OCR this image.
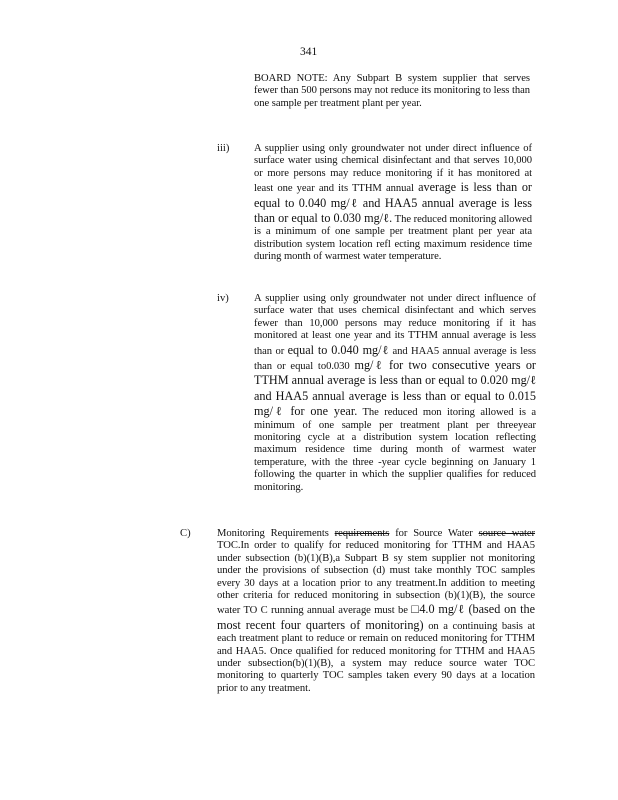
341
BOARD NOTE: Any Subpart B system supplier that serves fewer than 500 persons may not reduce its monitoring to less than one sample per treatment plant per year.
iii) A supplier using only groundwater not under direct influence of surface water using chemical disinfectant and that serves 10,000 or more persons may reduce monitoring if it has monitored at least one year and its TTHM annual average is less than or equal to 0.040 mg/ℓ and HAA5 annual average is less than or equal to 0.030 mg/ℓ. The reduced monitoring allowed is a minimum of one sample per treatment plant per year ata distribution system location refl ecting maximum residence time during month of warmest water temperature.
iv) A supplier using only groundwater not under direct influence of surface water that uses chemical disinfectant and which serves fewer than 10,000 persons may reduce monitoring if it has monitored at least one year and its TTHM annual average is less than or equal to 0.040 mg/ℓ and HAA5 annual average is less than or equal to0.030 mg/ℓ for two consecutive years or TTHM annual average is less than or equal to 0.020 mg/ℓ and HAA5 annual average is less than or equal to 0.015 mg/ℓ for one year. The reduced mon itoring allowed is a minimum of one sample per treatment plant per threeyear monitoring cycle at a distribution system location reflecting maximum residence time during month of warmest water temperature, with the three -year cycle beginning on January 1 following the quarter in which the supplier qualifies for reduced monitoring.
C) Monitoring Requirements requirements for Source Water source water TOC.In order to qualify for reduced monitoring for TTHM and HAA5 under subsection (b)(1)(B),a Subpart B sy stem supplier not monitoring under the provisions of subsection (d) must take monthly TOC samples every 30 days at a location prior to any treatment.In addition to meeting other criteria for reduced monitoring in subsection (b)(1)(B), the source water TO C running annual average must be □4.0 mg/ℓ (based on the most recent four quarters of monitoring) on a continuing basis at each treatment plant to reduce or remain on reduced monitoring for TTHM and HAA5. Once qualified for reduced monitoring for TTHM and HAA5 under subsection(b)(1)(B), a system may reduce source water TOC monitoring to quarterly TOC samples taken every 90 days at a location prior to any treatment.
